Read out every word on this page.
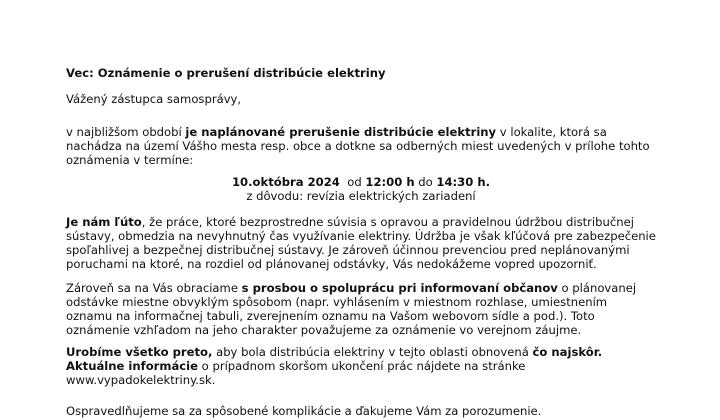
Vec: Oznámenie o prerušení distribúcie elektriny

Vážený zástupca samosprávy,

v najbližšom období je naplánované prerušenie distribúcie elektriny v lokalite, ktorá sa nachádza na území Vášho mesta resp. obce a dotkne sa odberných miest uvedených v prílohe tohto oznámenia v termíne:

10.októbra 2024 od 12:00 h do 14:30 h.
z dôvodu: revízia elektrických zariadení

Je nám ľúto, že práce, ktoré bezprostredne súvisia s opravou a pravidelnou údržbou distribučnej sústavy, obmedzia na nevyhnutný čas využívanie elektriny. Údržba je však kľúčová pre zabezpečenie spoľahlivej a bezpečnej distribučnej sústavy. Je zároveň účinnou prevenciou pred neplánovanými poruchami na ktoré, na rozdiel od plánovanej odstávky, Vás nedokážeme vopred upozorniť.

Zároveň sa na Vás obraciame s prosbou o spoluprácu pri informovaní občanov o plánovanej odstávke miestne obvyklým spôsobom (napr. vyhlásením v miestnom rozhlase, umiestnením oznamu na informačnej tabuli, zverejnením oznamu na Vašom webovom sídle a pod.). Toto oznámenie vzhľadom na jeho charakter považujeme za oznámenie vo verejnom záujme.

Urobíme všetko preto, aby bola distribúcia elektriny v tejto oblasti obnovená čo najskôr. Aktuálne informácie o prípadnom skoršom ukončení prác nájdete na stránke www.vypadokelektriny.sk.

Ospravedlňujeme sa za spôsobené komplikácie a ďakujeme Vám za porozumenie.
